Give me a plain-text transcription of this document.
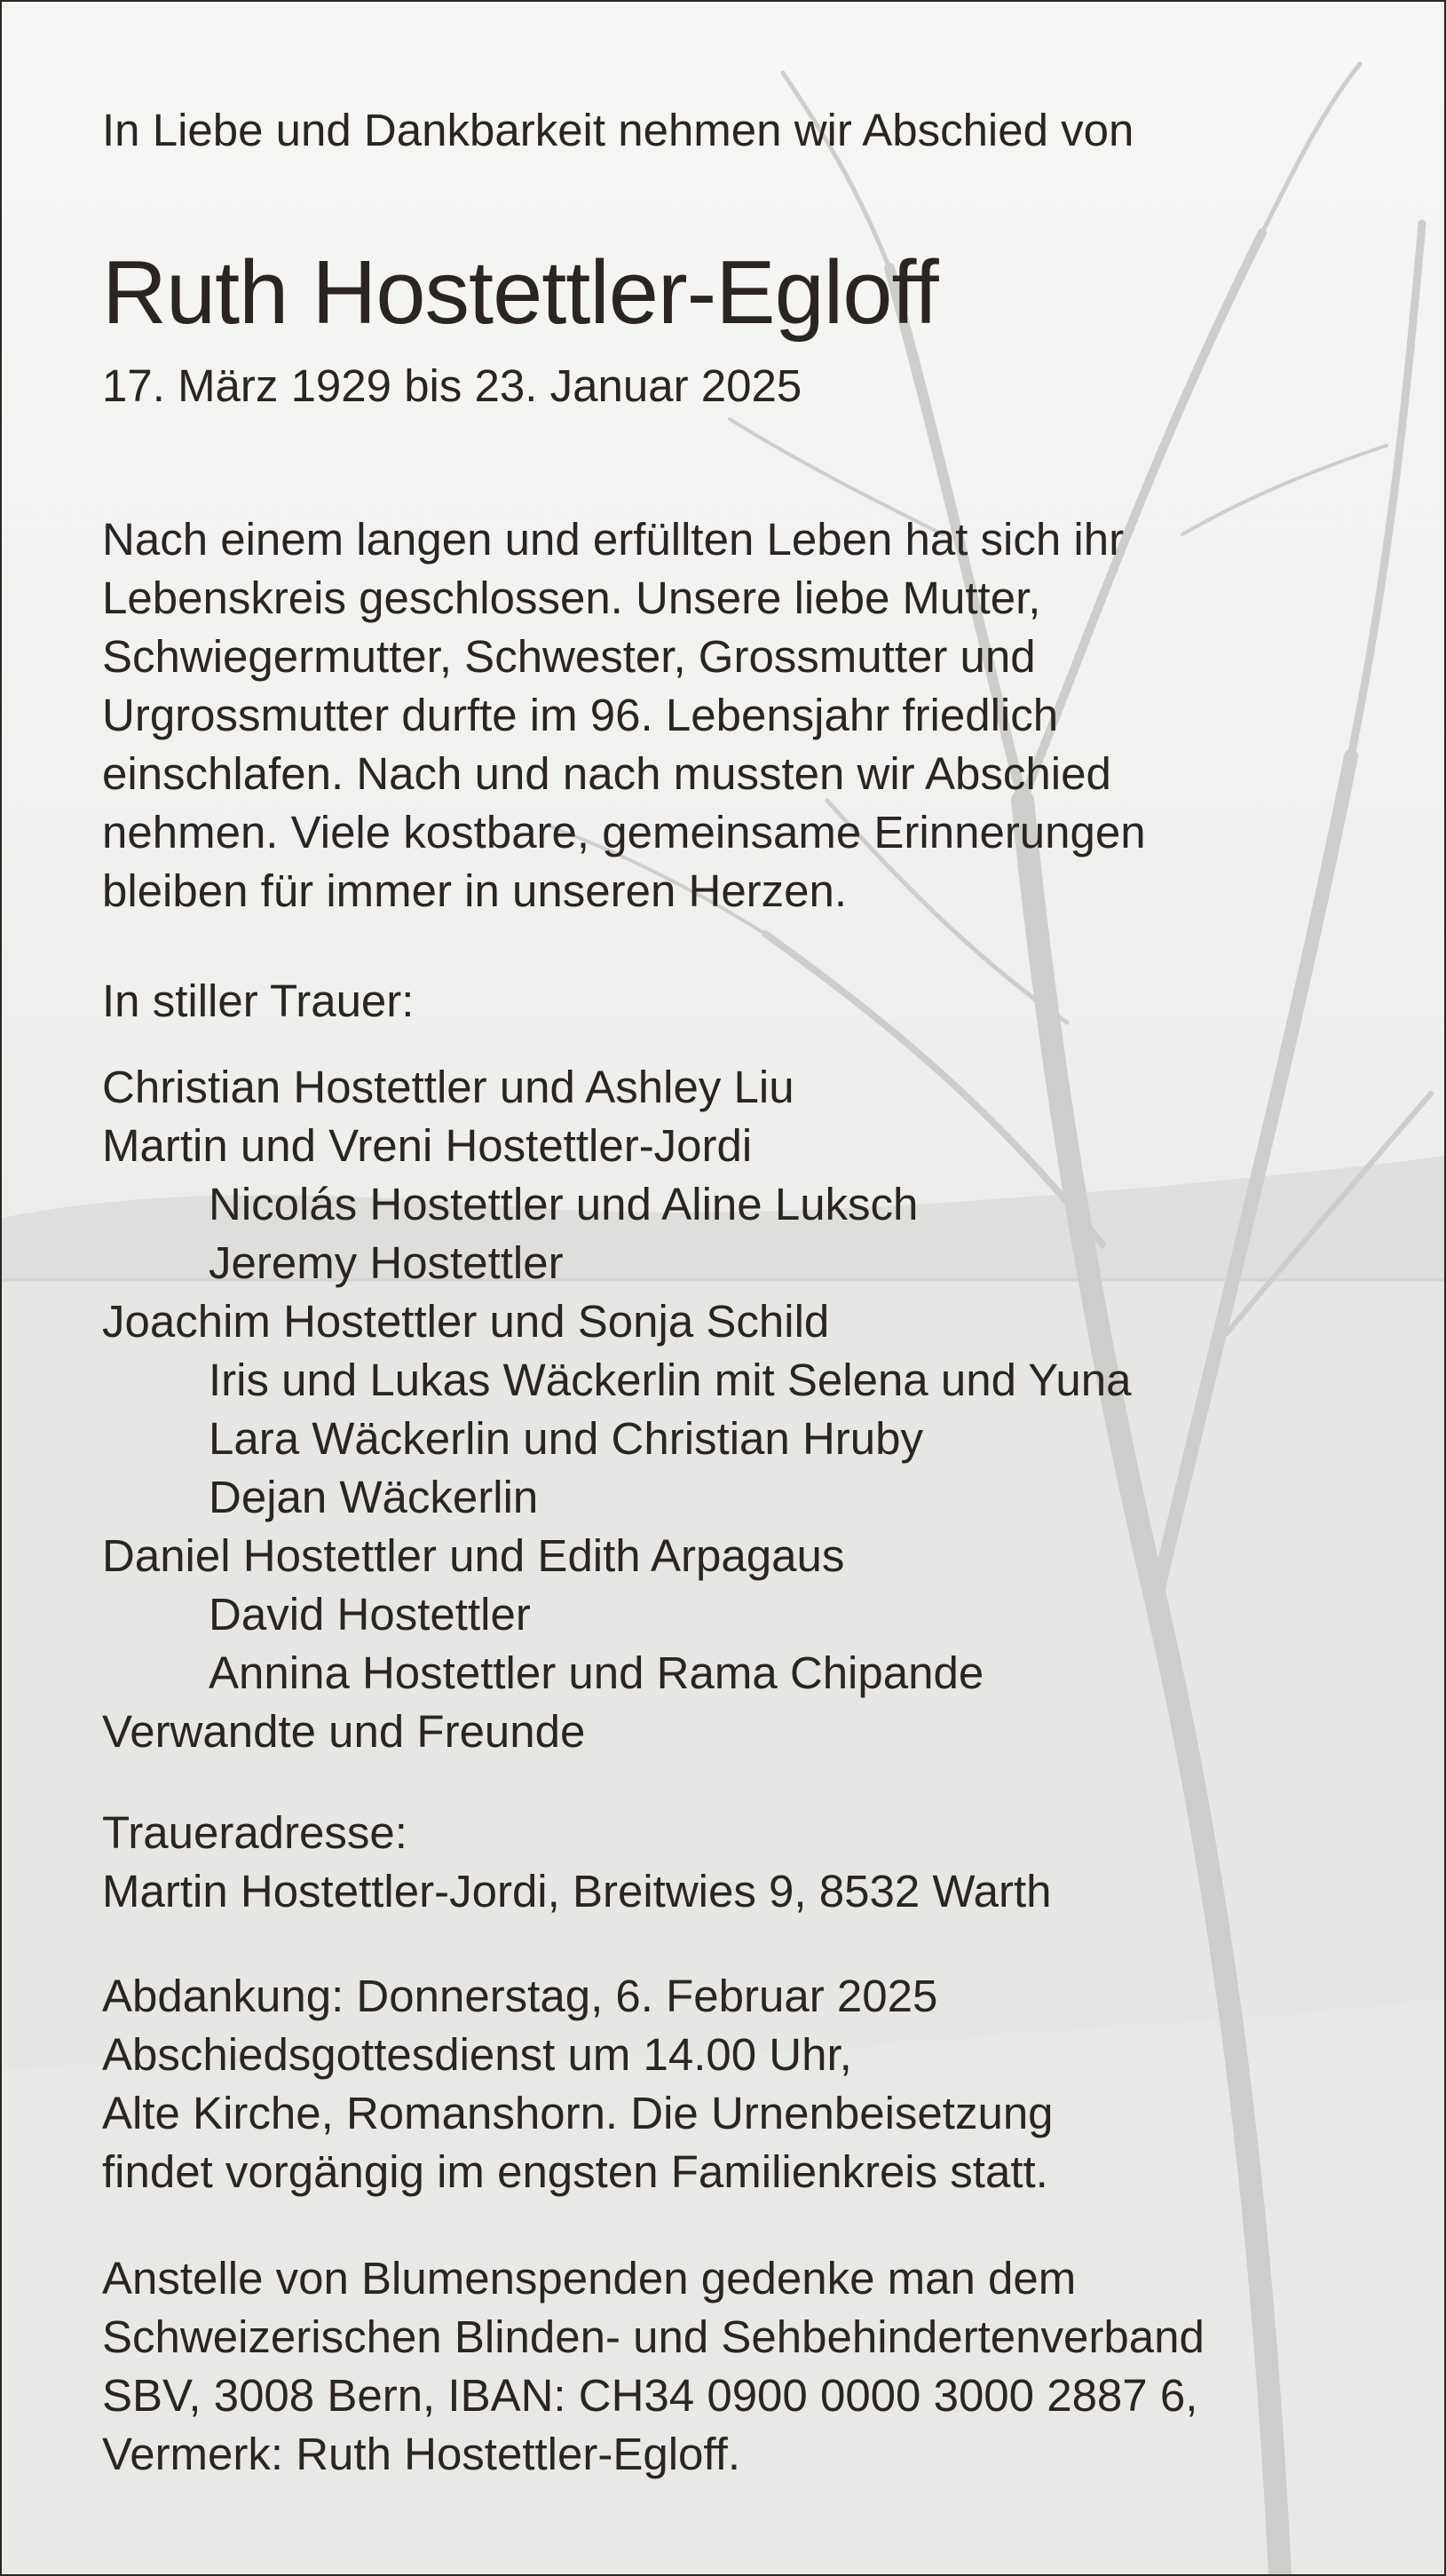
In Liebe und Dankbarkeit nehmen wir Abschied von
Ruth Hostettler-Egloff
17. März 1929 bis 23. Januar 2025
Nach einem langen und erfüllten Leben hat sich ihr
Lebenskreis geschlossen. Unsere liebe Mutter,
Schwiegermutter, Schwester, Grossmutter und
Urgrossmutter durfte im 96. Lebensjahr friedlich
einschlafen. Nach und nach mussten wir Abschied
nehmen. Viele kostbare, gemeinsame Erinnerungen
bleiben für immer in unseren Herzen.
In stiller Trauer:
Christian Hostettler und Ashley Liu
Martin und Vreni Hostettler-Jordi
Nicolás Hostettler und Aline Luksch
Jeremy Hostettler
Joachim Hostettler und Sonja Schild
Iris und Lukas Wäckerlin mit Selena und Yuna
Lara Wäckerlin und Christian Hruby
Dejan Wäckerlin
Daniel Hostettler und Edith Arpagaus
David Hostettler
Annina Hostettler und Rama Chipande
Verwandte und Freunde
Traueradresse:
Martin Hostettler-Jordi, Breitwies 9, 8532 Warth
Abdankung: Donnerstag, 6. Februar 2025
Abschiedsgottesdienst um 14.00 Uhr,
Alte Kirche, Romanshorn. Die Urnenbeisetzung
findet vorgängig im engsten Familienkreis statt.
Anstelle von Blumenspenden gedenke man dem
Schweizerischen Blinden- und Sehbehindertenverband
SBV, 3008 Bern, IBAN: CH34 0900 0000 3000 2887 6,
Vermerk: Ruth Hostettler-Egloff.
